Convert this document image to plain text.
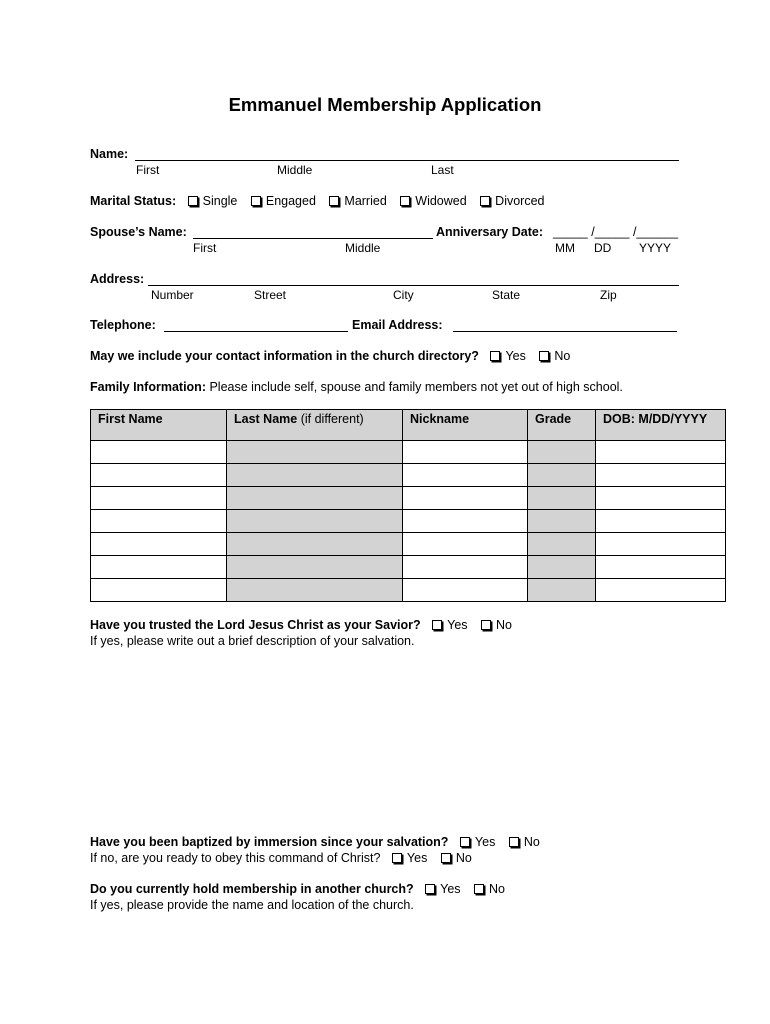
Emmanuel Membership Application
Name:
First	Middle	Last
Marital Status: Single Engaged Married Widowed Divorced
Spouse’s Name:	Anniversary Date: _____ /_____ /______
First	Middle	MM DD YYYY
Address:
Number	Street	City	State	Zip
Telephone:	Email Address:
May we include your contact information in the church directory? Yes No
Family Information: Please include self, spouse and family members not yet out of high school.
First Name	Last Name (if different)	Nickname	Grade	DOB: M/DD/YYYY

Have you trusted the Lord Jesus Christ as your Savior? Yes No
If yes, please write out a brief description of your salvation.
Have you been baptized by immersion since your salvation? Yes No
If no, are you ready to obey this command of Christ? Yes No
Do you currently hold membership in another church? Yes No
If yes, please provide the name and location of the church.
